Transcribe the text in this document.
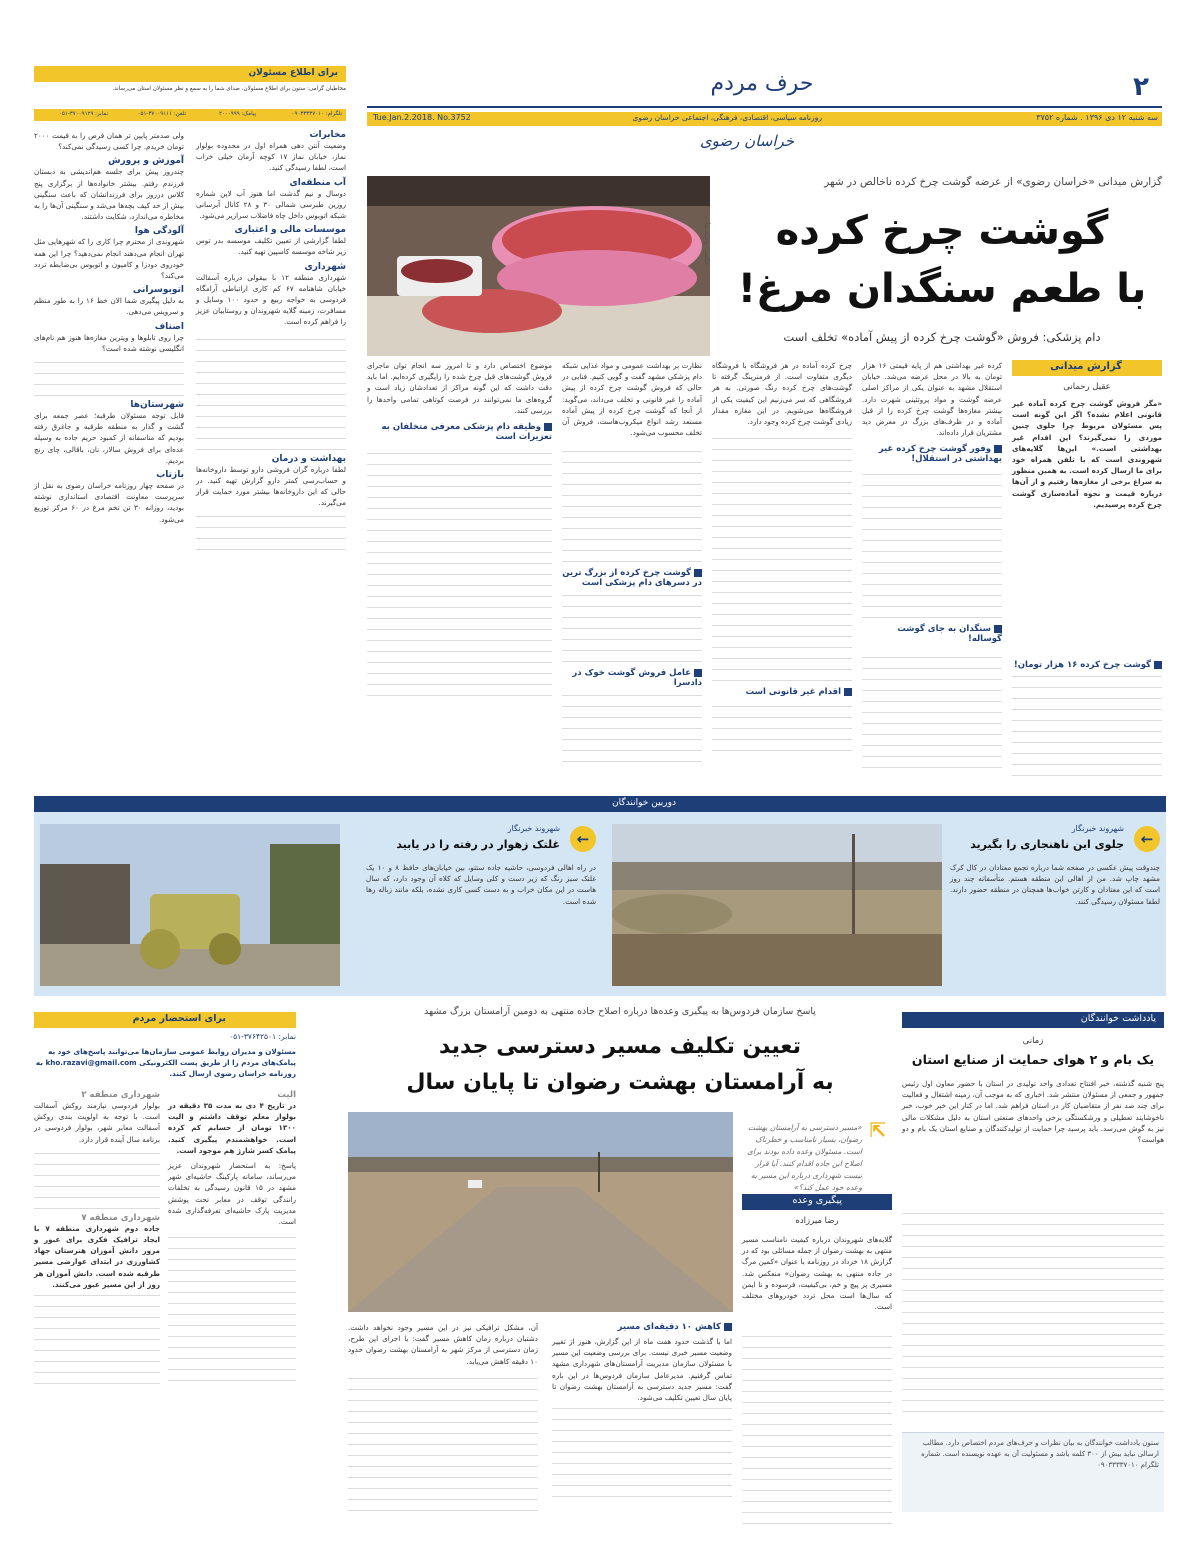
۲
حرف مردم
سه شنبه ۱۲ دی ۱۳۹۶ . شماره ۳۷۵۲
روزنامه سیاسی، اقتصادی، فرهنگی، اجتماعی خراسان رضوی
Tue.Jan.2.2018. No.3752
خراسان رضوی
برای اطلاع مسئولان
مخاطبان گرامی: ستون برای اطلاع مسئولان، صدای شما را به سمع و نظر مسئولان استان می‌رساند.
تلگرام: ۰۹۰۳۳۳۳۷۰۱۰
پیامک: ۲۰۰۰۹۹۹
تلفن: ۳۷۰۰۹۱۱۱-۰۵۱
نمابر: ۳۷۰۰۹۱۲۹-۰۵۱
مخابرات
وضعیت آنتن دهی همراه اول در محدوده بولوار نماز، خیابان نماز ۱۷ کوچه آرمان خیلی خراب است، لطفا رسیدگی کنید.
آب منطقه‌ای
دوسال و نیم گذشت اما هنوز آب لاین شماره روزین طبرسی شمالی ۳۰ و ۲۸ کانال آبرسانی شبکه اتوبوس داخل چاه فاضلاب سرازیر می‌شود.
موسسات مالی و اعتباری
لطفا گزارشی از تعیین تکلیف موسسه بدر توس زیر شاخه موسسه کاسپین تهیه کنید.
شهرداری
شهرداری منطقه ۱۲ با بیقولی درباره آسفالت خیابان شاهنامه ۶۷ کم کاری اراتباطی آرامگاه فردوسی به خواجه ربیع و حدود ۱۰۰ وسایل و مسافرت، زمینه گلایه شهروندان و روستاییان عزیز را فراهم کرده است.
بهداشت و درمان
لطفا درباره گران فروشی دارو توسط داروخانه‌ها و حساب‌رسی کمتر دارو گزارش تهیه کنید. در حالی که این داروخانه‌ها بیشتر مورد حمایت قرار می‌گیرند.
ولی صدمتر پایین تر همان قرص را به قیمت ۲۰۰۰ تومان خریدم. چرا کسی رسیدگی نمی‌کند؟
آموزش و پرورش
چندروز پیش برای جلسه هم‌اندیشی به دبستان فرزندم رفتم. بیشتر خانواده‌ها از برگزاری پنج کلاس درروز برای فرزندانشان که باعث سنگینی بیش از حد کیف بچه‌ها می‌شد و سنگینی آن‌ها را به مخاطره می‌اندازد، شکایت داشتند.
آلودگی هوا
شهروندی از محترم چرا کاری را که شهرهایی مثل تهران انجام می‌دهند انجام نمی‌دهید؟ چرا این همه خودروی دودزا و کامیون و اتوبوس بی‌ضابطه تردد می‌کند؟
اتوبوسرانی
به دلیل پیگیری شما الان خط ۱۶ را به طور منظم و سرویس می‌دهی.
اصناف
چرا روی تابلوها و ویترین مغازه‌ها هنوز هم نام‌های انگلیسی نوشته شده است؟
شهرستان‌ها
قابل توجه مسئولان طرقبه؛ عصر جمعه برای گشت و گذار به منطقه طرقبه و جاغرق رفته بودیم که متاسفانه از کمبود حریم جاده به وسیله عده‌ای برای فروش سالار، نان، باقالی، چای رنج بردیم.
بازتاب
در صفحه چهار روزنامه خراسان رضوی به نقل از سرپرست معاونت اقتصادی استانداری نوشته بودید، روزانه ۳۰ تن تخم مرغ در ۶۰ مرکز توزیع می‌شود.
گزارش میدانی «خراسان رضوی» از عرضه گوشت چرخ کرده ناخالص در شهر
گوشت چرخ کرده
با طعم سنگدان مرغ!
دام پزشکی: فروش «گوشت چرخ کرده از پیش آماده» تخلف است
عکس: وحید بیات
گزارش میدانی
عقیل رحمانی
«مگر فروش گوشت چرخ کرده آماده غیر قانونی اعلام نشده؟ اگر این گونه است پس مسئولان مربوط چرا جلوی چنین موردی را نمی‌گیرند؟ این اقدام غیر بهداشتی است.» این‌ها گلایه‌های شهروندی است که با تلفن همراه خود برای ما ارسال کرده است. به همین منظور به سراغ برخی از مغازه‌ها رفتیم و از آن‌ها درباره قیمت و نحوه آماده‌سازی گوشت چرخ کرده پرسیدیم.
گوشت چرخ کرده ۱۶ هزار تومان!
کرده غیر بهداشتی هم از پایه قیمتی ۱۶ هزار تومان به بالا در محل عرضه می‌شد. خیابان استقلال مشهد به عنوان یکی از مراکز اصلی عرضه گوشت و مواد پروتئینی شهرت دارد. بیشتر مغازه‌ها گوشت چرخ کرده را از قبل آماده و در ظرف‌های بزرگ در معرض دید مشتریان قرار داده‌اند.
وفور گوشت چرخ کرده غیر بهداشتی در استقلال!
سنگدان به جای گوشت گوساله!
چرخ کرده آماده در هر فروشگاه با فروشگاه دیگری متفاوت است. از فرمنرینگ گرفته تا گوشت‌های چرخ کرده رنگ صورتی. به هر فروشگاهی که سر می‌زنیم این کیفیت یکی از فروشگاه‌ها می‌شویم. در این مغازه مقدار زیادی گوشت چرخ کرده وجود دارد.
اقدام غیر قانونی است
نظارت بر بهداشت عمومی و مواد غذایی شبکه دام پزشکی مشهد گفت و گویی کنیم. فنایی در حالی که فروش گوشت چرخ کرده از پیش آماده را غیر قانونی و تخلف می‌داند، می‌گوید: از آنجا که گوشت چرخ کرده از پیش آماده مستعد رشد انواع میکروب‌هاست، فروش آن تخلف محسوب می‌شود.
گوشت چرخ کرده از بزرگ ترین در دسرهای دام پزشکی است
عامل فروش گوشت خوک در دادسرا
موضوع اختصاص دارد و تا امروز سه انجام توان ماجرای فروش گوشت‌های قبل چرخ شده را رایگیری کرده‌ایم. اما باید دقت داشت که این گونه مراکز از تعدادشان زیاد است و گروه‌های ما نمی‌توانند در فرصت کوتاهی تمامی واحدها را بررسی کنند.
وظیفه دام پزشکی معرفی متخلفان به تعزیرات است
دوربین خوانندگان
←
شهروند خبرنگار
جلوی این ناهنجاری را بگیرید
چندوقت پیش عکسی در صفحه شما درباره تجمع معتادان در کال کرک مشهد چاپ شد. من از اهالی این منطقه هستم. متأسفانه چند روز است که این معتادان و کارتن خواب‌ها همچنان در منطقه حضور دارند. لطفا مسئولان رسیدگی کنند.
←
شهروند خبرنگار
غلتک زهوار در رفته را در یابید
در راه اهالی فردوسی، حاشیه جاده ستتو، بین خیابان‌های حافظ ۸ و ۱۰ یک غلتک سبز رنگ که زیر دست و کلی وسایل که کلاه آن وجود دارد، که سال هاست در این مکان خراب و به دست کسی کاری نشده، بلکه مانند زباله رها شده است.
یادداشت خوانندگان
زمانی
یک بام و ۲ هوای حمایت از صنایع استان
پنج شنبه گذشته، خبر افتتاح تعدادی واحد تولیدی در استان با حضور معاون اول رئیس جمهور و جمعی از مسئولان منتشر شد. اخباری که به موجب آن، زمینه اشتغال و فعالیت برای چند صد نفر از متقاضیان کار در استان فراهم شد. اما در کنار این خبر خوب، خبر ناخوشایند تعطیلی و ورشکستگی برخی واحدهای صنعتی استان به دلیل مشکلات مالی نیز به گوش می‌رسد. باید پرسید چرا حمایت از تولیدکنندگان و صنایع استان یک بام و دو هواست؟
ستون یادداشت خوانندگان به بیان نظرات و حرف‌های مردم اختصاص دارد. مطالب ارسالی نباید بیش از ۳۰۰ کلمه باشد و مسئولیت آن به عهده نویسنده است. شماره تلگرام ۰۹۰۳۳۳۳۷۰۱۰
پاسخ سازمان فردوس‌ها به پیگیری وعده‌ها درباره اصلاح جاده منتهی به دومین آرامستان بزرگ مشهد
تعیین تکلیف مسیر دسترسی جدید
به آرامستان بهشت رضوان تا پایان سال
⇱
«مسیر دسترسی به آرامستان بهشت رضوان، بسیار نامناسب و خطرناک است. مسئولان وعده داده بودند برای اصلاح این جاده اقدام کنند. آیا قرار نیست شهرداری درباره این مسیر به وعده خود عمل کند؟»
پیگیری وعده
رضا میرزاده
گلایه‌های شهروندان درباره کیفیت نامناسب مسیر منتهی به بهشت رضوان از جمله مسائلی بود که در گزارش ۱۸ خرداد در روزنامه با عنوان «کمین مرگ در جاده منتهی به بهشت رضوان» منعکس شد. مسیری پر پیچ و خم، بی‌کیفیت، فرسوده و نا ایمن که سال‌ها است محل تردد خودروهای مختلف است.
کاهش ۱۰ دقیقه‌ای مسیر
اما با گذشت حدود هفت ماه از این گزارش، هنوز از تغییر وضعیت مسیر خبری نیست. برای بررسی وضعیت این مسیر با مسئولان سازمان مدیریت آرامستان‌های شهرداری مشهد تماس گرفتیم. مدیرعامل سازمان فردوس‌ها در این باره گفت: مسیر جدید دسترسی به آرامستان بهشت رضوان تا پایان سال تعیین تکلیف می‌شود.
آن، مشکل ترافیکی نیز در این مسیر وجود نخواهد داشت. دشتبان درباره زمان کاهش مسیر گفت: با اجرای این طرح، زمان دسترسی از مرکز شهر به آرامستان بهشت رضوان حدود ۱۰ دقیقه کاهش می‌یابد.
برای استحضار مردم
نمابر: ۳۷۶۴۲۵۰۱-۰۵۱
مسئولان و مدیران روابط عمومی سازمان‌ها می‌توانند پاسخ‌های خود به پیامک‌های مردم را از طریق پست الکترونیکی kho.razavi@gmail.com به روزنامه خراسان رضوی ارسال کنند.
الیت
در تاریخ ۴ دی به مدت ۳۵ دقیقه در بولوار معلم توقف داشتم و الیت ۱۳۰۰ تومان از حسابم کم کرده است. خواهشمندم پیگیری کنید. پیامک کسر شارژ هم موجود است.
پاسخ: به استحضار شهروندان عزیز می‌رساند، سامانه پارکینگ حاشیه‌ای شهر مشهد در ۱۵ قانون رسیدگی به تخلفات رانندگی توقف در معابر تحت پوشش مدیریت پارک حاشیه‌ای تعرفه‌گذاری شده است.
شهرداری منطقه ۲
بولوار فردوسی نیازمند روکش آسفالت است. با توجه به اولویت بندی روکش آسفالت معابر شهر، بولوار فردوسی در برنامه سال آینده قرار دارد.
شهرداری منطقه ۷
جاده دوم شهرداری منطقه ۷ با ایجاد ترافیک فکری برای عبور و مرور دانش آموزان هنرستان جهاد کشاورزی در ابتدای عوارضی مسیر طرقبه شده است. دانش آموزان هر روز از این مسیر عبور می‌کنند.
